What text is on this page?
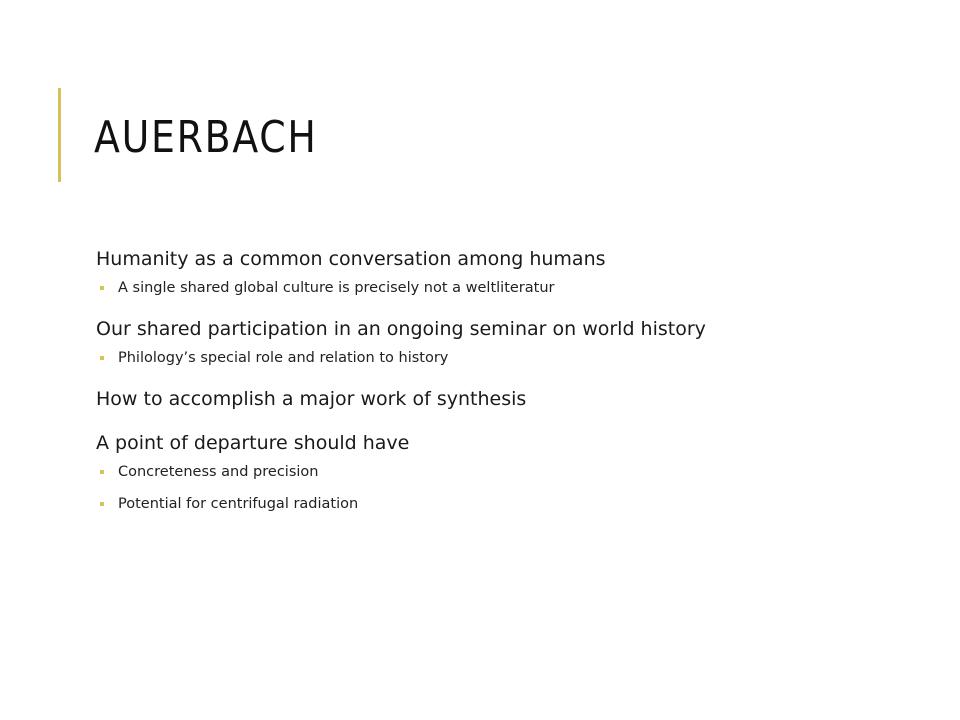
AUERBACH
Humanity as a common conversation among humans
A single shared global culture is precisely not a weltliteratur
Our shared participation in an ongoing seminar on world history
Philology’s special role and relation to history
How to accomplish a major work of synthesis
A point of departure should have
Concreteness and precision
Potential for centrifugal radiation
